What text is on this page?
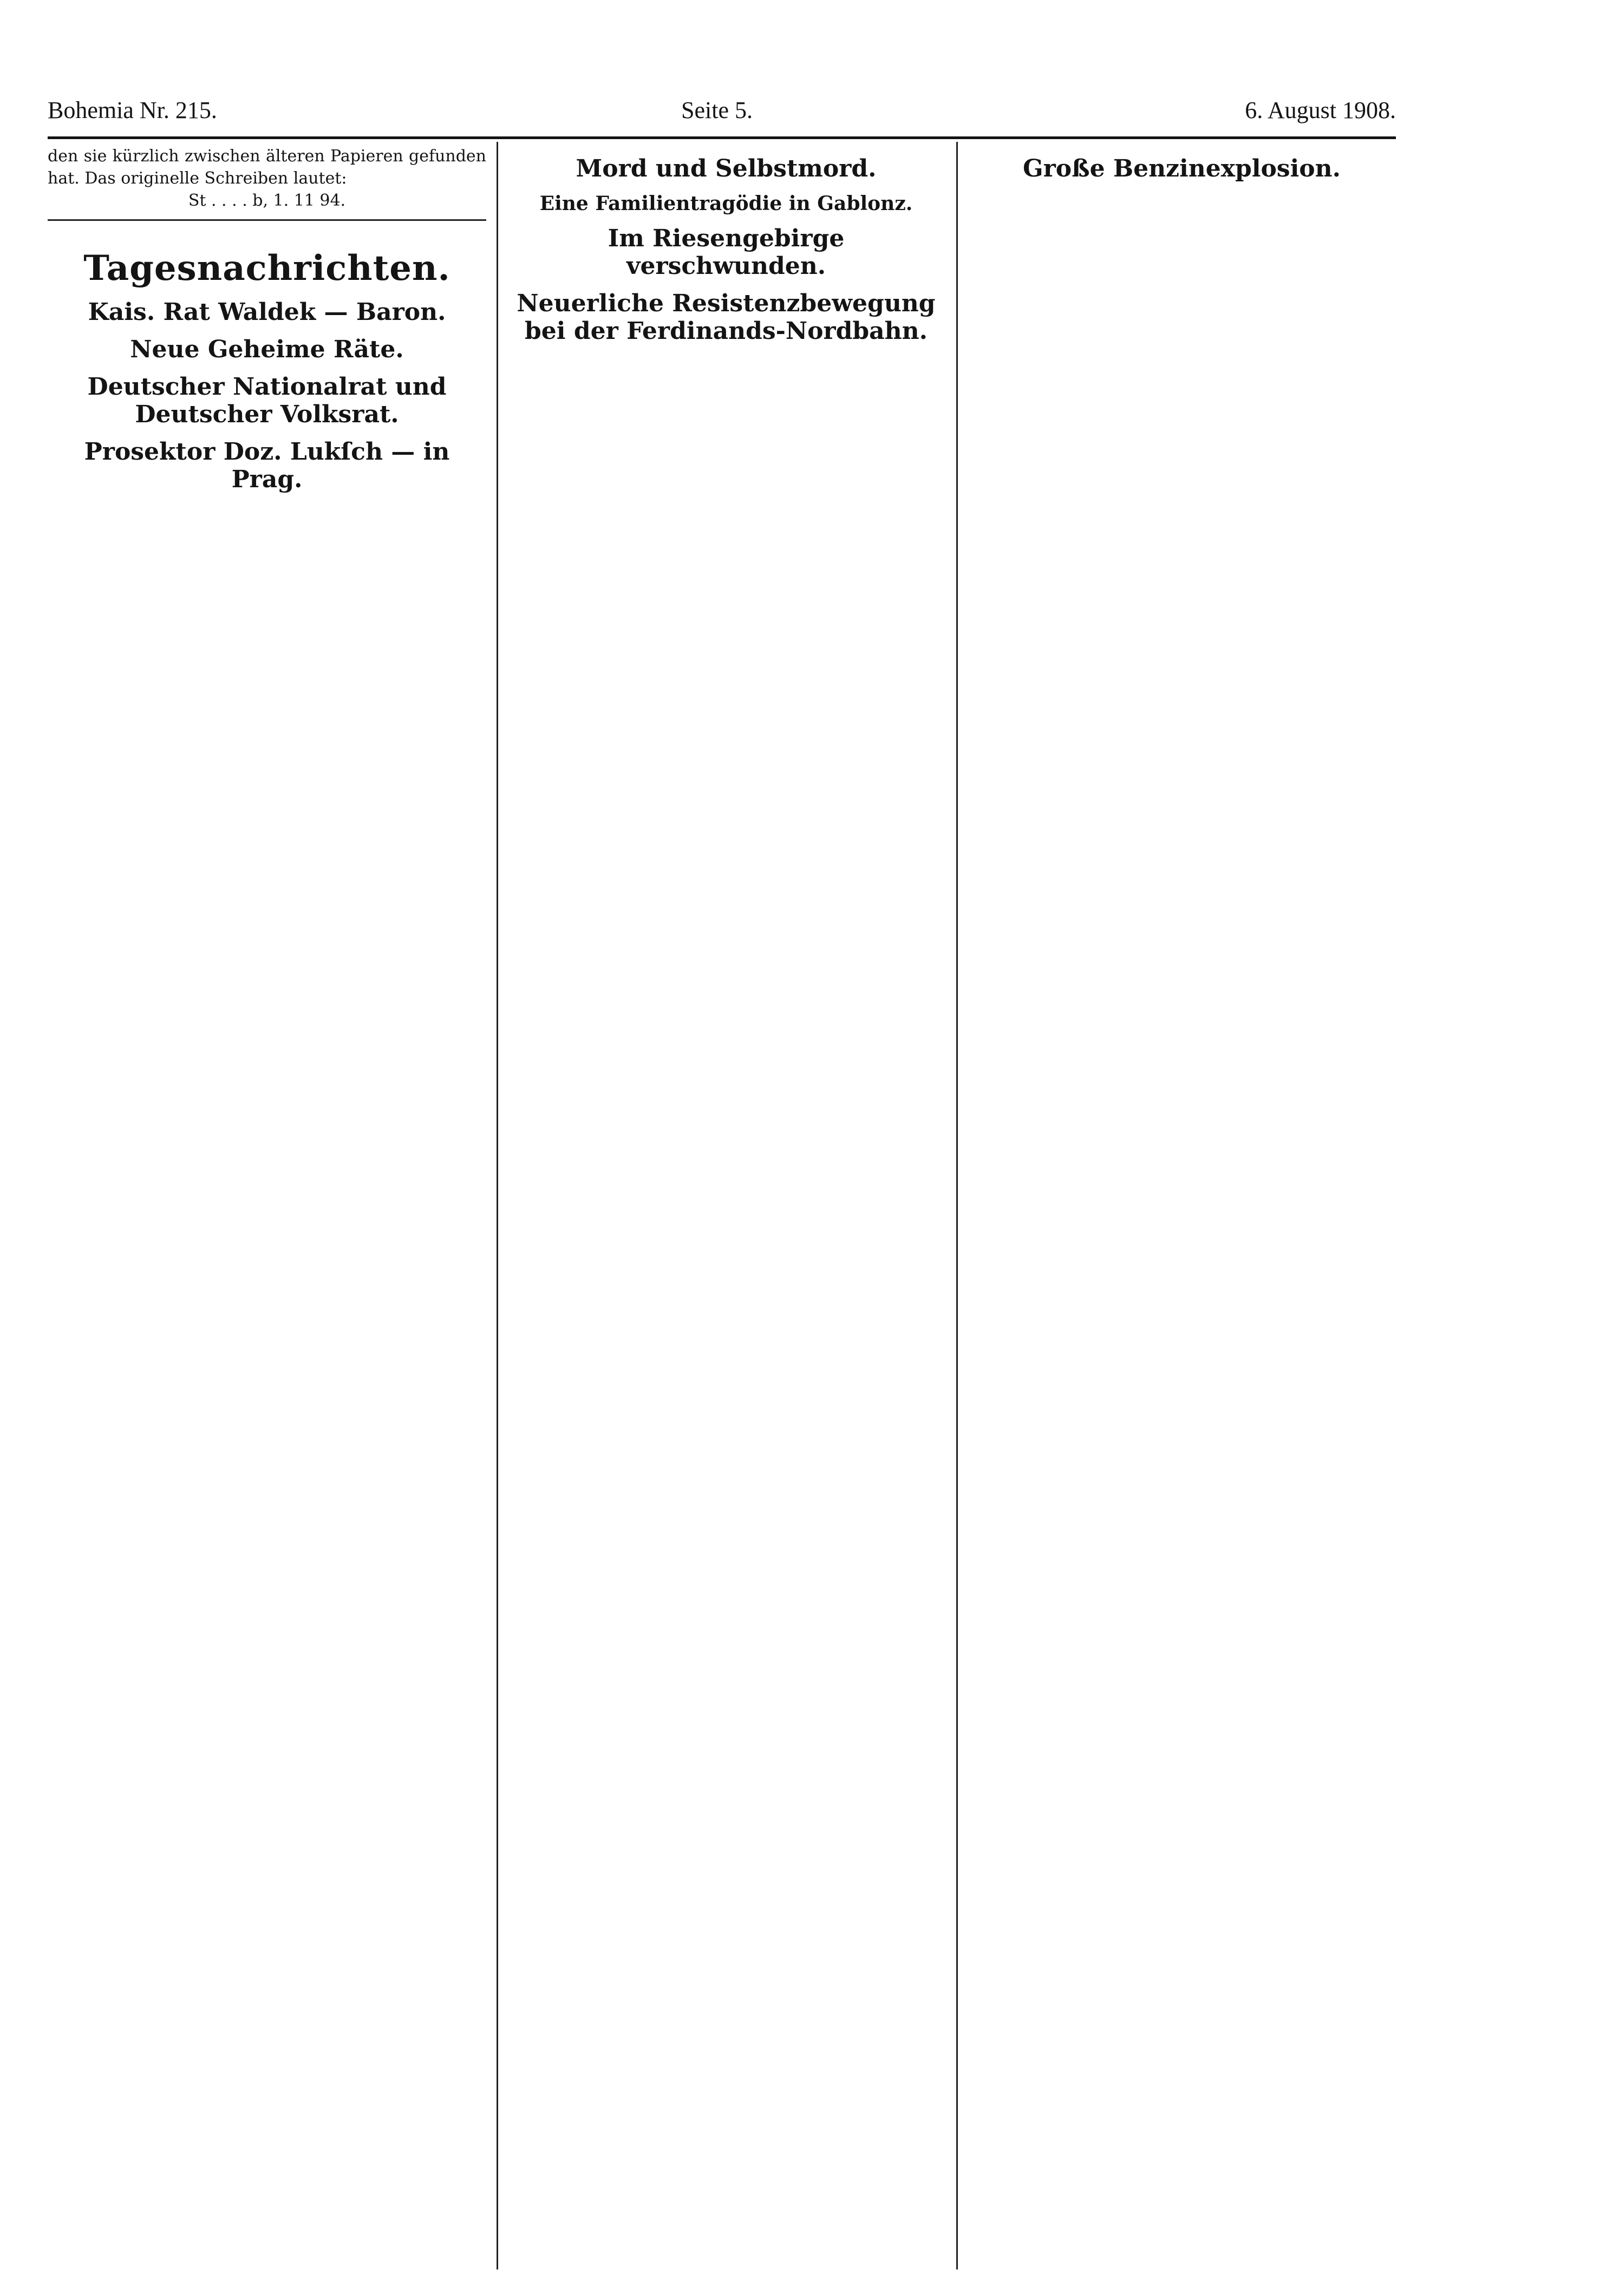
Bohemia Nr. 215.	Seite 5.	6. August 1908.

den sie kürzlich zwischen älteren Papieren gefunden hat. Das originelle Schreiben lautet:

St . . . . b, 1. 11 94.

Tagesnachrichten.
Kais. Rat Waldek — Baron.
Neue Geheime Räte.
Deutscher Nationalrat und Deutscher Volksrat.
Prosektor Doz. Lukſch — in Prag.
Mord und Selbstmord.
Eine Familientragödie in Gablonz.
Im Riesengebirge verschwunden.
Neuerliche Resistenzbewegung bei der Ferdinands-Nordbahn.
Große Benzinexplosion.
